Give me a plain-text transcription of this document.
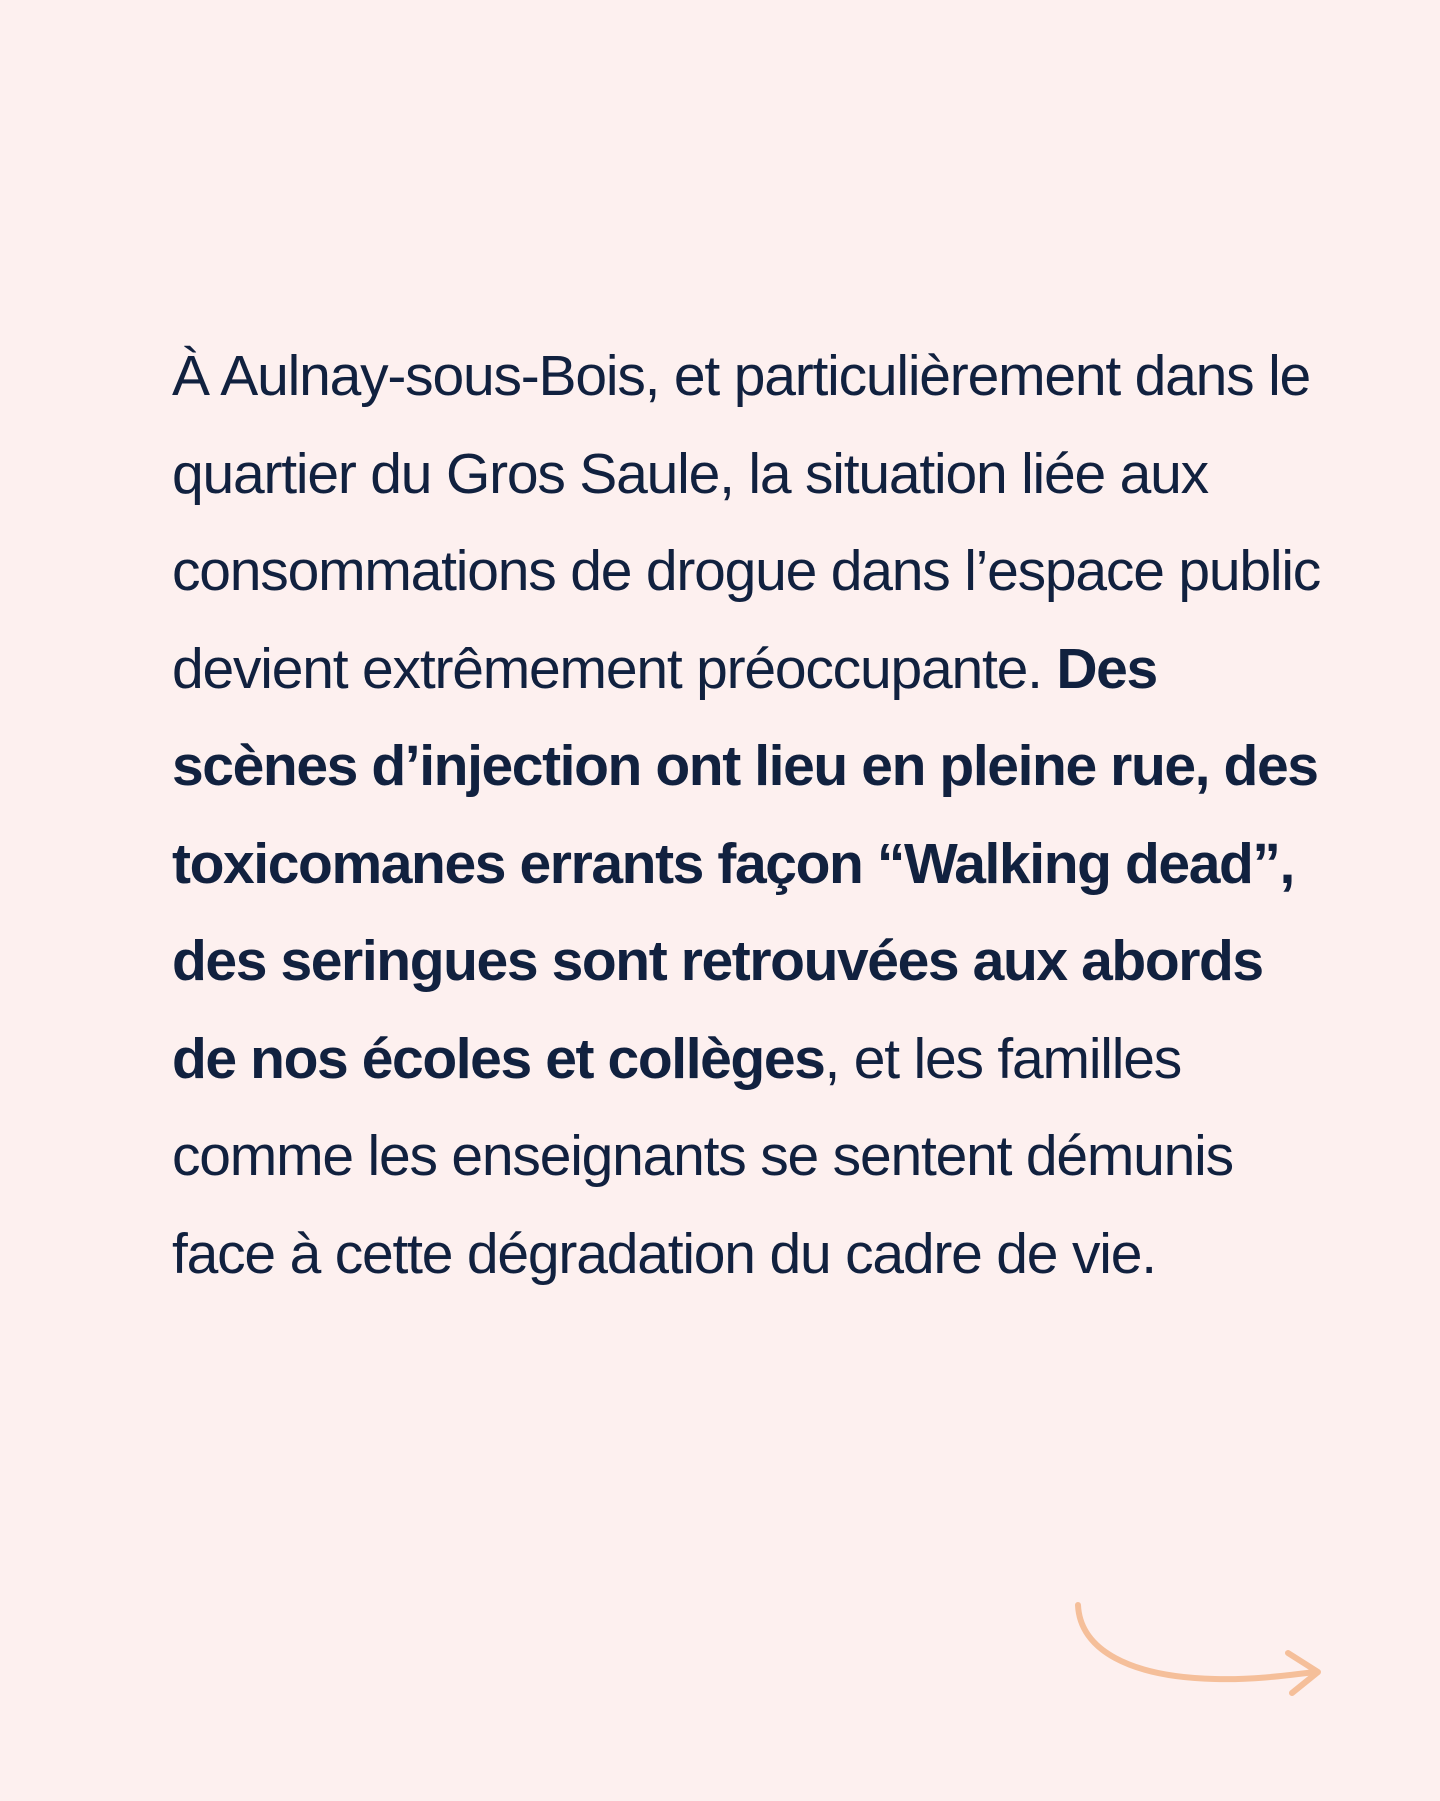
À Aulnay-sous-Bois, et particulièrement dans le quartier du Gros Saule, la situation liée aux consommations de drogue dans l’espace public devient extrêmement préoccupante. Des scènes d’injection ont lieu en pleine rue, des toxicomanes errants façon “Walking dead”, des seringues sont retrouvées aux abords de nos écoles et collèges, et les familles comme les enseignants se sentent démunis face à cette dégradation du cadre de vie.
